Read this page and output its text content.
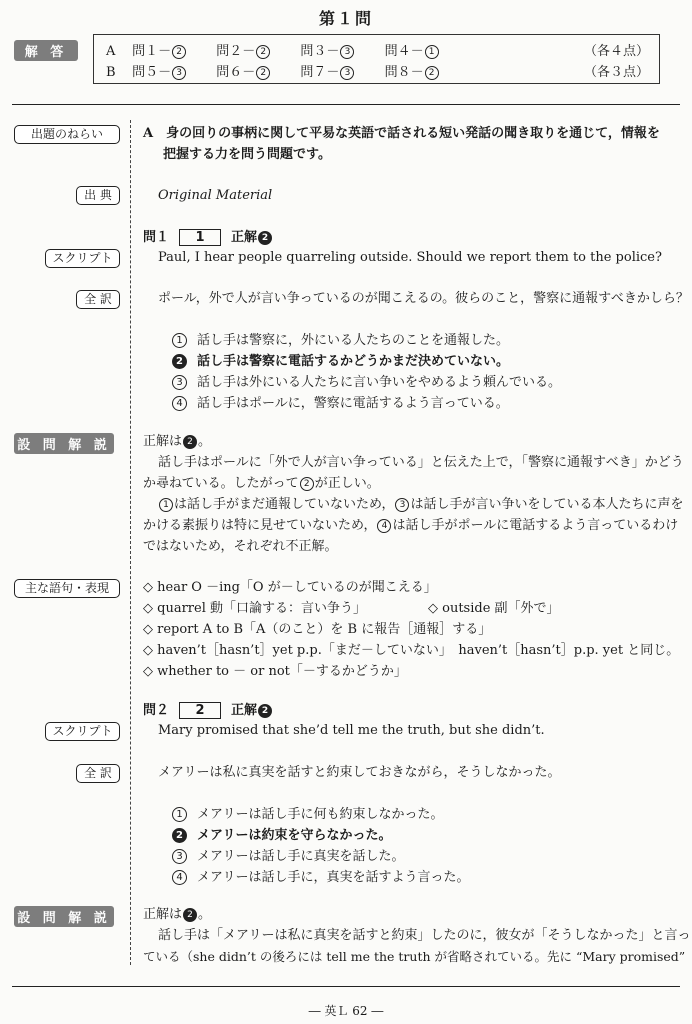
第１問
解 答	A 問１－ 2	問２－ 2	問３－ 3	問４－ 1	（各４点）
B 問５－ 3	問６－ 2	問７－ 3	問８－ 2	（各３点）
出題のねらい	A　身の回りの事柄に関して平易な英語で話される短い発話の聞き取りを通じて，情報を
把握する力を問う問題です。
出 典	Original Material
問１ 1 正解 2
スクリプト	Paul, I hear people quarreling outside. Should we report them to the police?
全 訳	ポール，外で人が言い争っているのが聞こえるの。彼らのこと，警察に通報すべきかしら？
1 話し手は警察に，外にいる人たちのことを通報した。
2 話し手は警察に電話するかどうかまだ決めていない。
3 話し手は外にいる人たちに言い争いをやめるよう頼んでいる。
4 話し手はポールに，警察に電話するよう言っている。
設 問 解 説 正解は 2 。
話し手はポールに「外で人が言い争っている」と伝えた上で，「警察に通報すべき」かどう
か尋ねている。したがって 2 が正しい。
1 は話し手がまだ通報していないため， 3 は話し手が言い争いをしている本人たちに声を
かける素振りは特に見せていないため， 4 は話し手がポールに電話するよう言っているわけ
ではないため，それぞれ不正解。
主な語句・表現	◇ hear O －ing「O が－しているのが聞こえる」
◇ quarrel 動「口論する：言い争う」	◇ outside 副「外で」
◇ report A to B「A（のこと）を B に報告［通報］する」
◇ haven’t［hasn’t］yet p.p.「まだ－していない」　haven’t［hasn’t］p.p. yet と同じ。
◇ whether to － or not「－するかどうか」
問２ 2 正解 2
スクリプト	Mary promised that she’d tell me the truth, but she didn’t.
全 訳	メアリーは私に真実を話すと約束しておきながら，そうしなかった。
1 メアリーは話し手に何も約束しなかった。
2 メアリーは約束を守らなかった。
3 メアリーは話し手に真実を話した。
4 メアリーは話し手に，真実を話すよう言った。
設 問 解 説 正解は 2 。
話し手は「メアリーは私に真実を話すと約束」したのに，彼女が「そうしなかった」と言っ
ている（she didn’t の後ろには tell me the truth が省略されている。先に “Mary promised”
― 英Ｌ 62 ―
